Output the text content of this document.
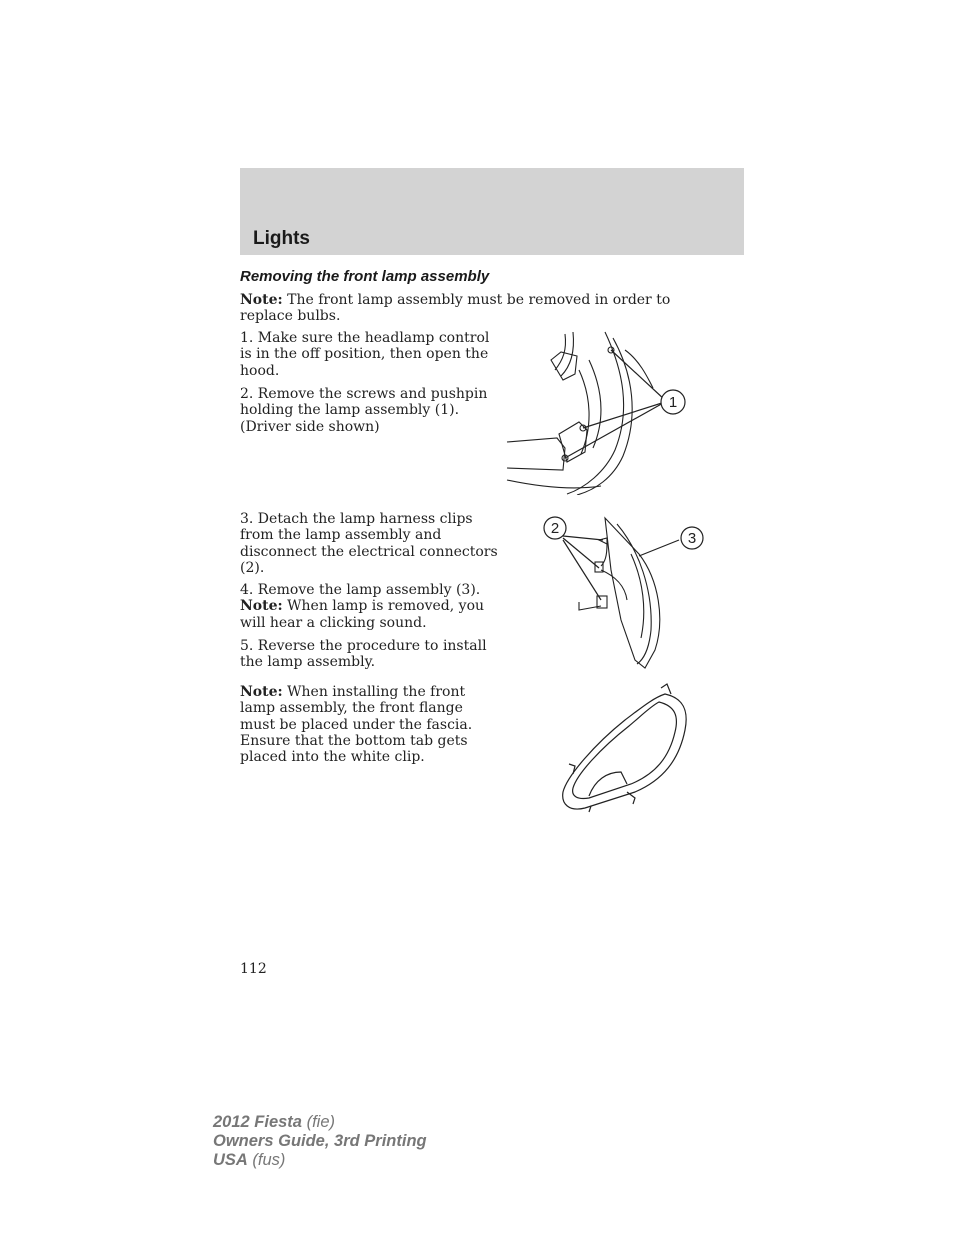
Lights
Removing the front lamp assembly

Note: The front lamp assembly must be removed in order to replace bulbs.

1. Make sure the headlamp control is in the off position, then open the hood.

2. Remove the screws and pushpin holding the lamp assembly (1). (Driver side shown)

3. Detach the lamp harness clips from the lamp assembly and disconnect the electrical connectors (2).

4. Remove the lamp assembly (3).
Note: When lamp is removed, you will hear a clicking sound.

5. Reverse the procedure to install the lamp assembly.

Note: When installing the front lamp assembly, the front flange must be placed under the fascia. Ensure that the bottom tab gets placed into the white clip.

1
2
3
112
2012 Fiesta (fie)
Owners Guide, 3rd Printing
USA (fus)
